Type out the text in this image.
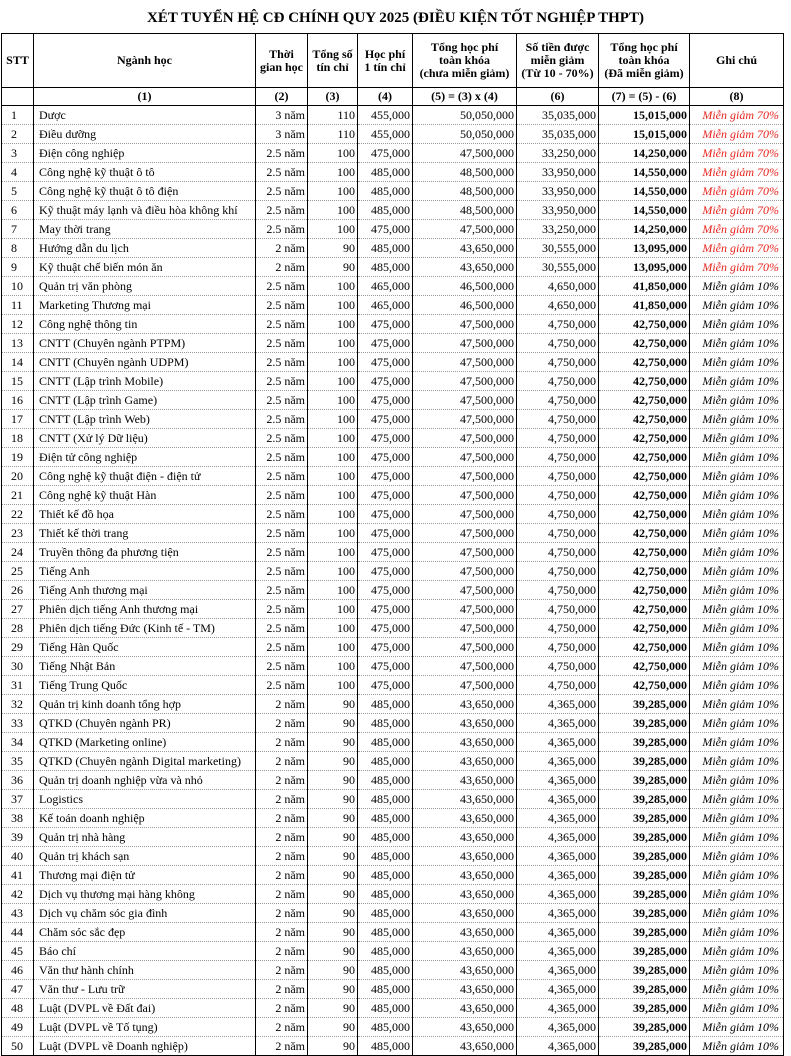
XÉT TUYỂN HỆ CĐ CHÍNH QUY 2025 (ĐIỀU KIỆN TỐT NGHIỆP THPT)
STT	Ngành học	Thời
gian học	Tổng số
tín chỉ	Học phí
1 tín chỉ	Tổng học phí
toàn khóa
(chưa miễn giảm)	Số tiền được
miễn giảm
(Từ 10 - 70%)	Tổng học phí
toàn khóa
(Đã miễn giảm)	Ghi chú
	(1)	(2)	(3)	(4)	(5) = (3) x (4)	(6)	(7) = (5) - (6)	(8)
1	Dược	3 năm	110	455,000	50,050,000	35,035,000	15,015,000	Miễn giảm 70%
2	Điều dưỡng	3 năm	110	455,000	50,050,000	35,035,000	15,015,000	Miễn giảm 70%
3	Điện công nghiệp	2.5 năm	100	475,000	47,500,000	33,250,000	14,250,000	Miễn giảm 70%
4	Công nghệ kỹ thuật ô tô	2.5 năm	100	485,000	48,500,000	33,950,000	14,550,000	Miễn giảm 70%
5	Công nghệ kỹ thuật ô tô điện	2.5 năm	100	485,000	48,500,000	33,950,000	14,550,000	Miễn giảm 70%
6	Kỹ thuật máy lạnh và điều hòa không khí	2.5 năm	100	485,000	48,500,000	33,950,000	14,550,000	Miễn giảm 70%
7	May thời trang	2.5 năm	100	475,000	47,500,000	33,250,000	14,250,000	Miễn giảm 70%
8	Hướng dẫn du lịch	2 năm	90	485,000	43,650,000	30,555,000	13,095,000	Miễn giảm 70%
9	Kỹ thuật chế biến món ăn	2 năm	90	485,000	43,650,000	30,555,000	13,095,000	Miễn giảm 70%
10	Quản trị văn phòng	2.5 năm	100	465,000	46,500,000	4,650,000	41,850,000	Miễn giảm 10%
11	Marketing Thương mại	2.5 năm	100	465,000	46,500,000	4,650,000	41,850,000	Miễn giảm 10%
12	Công nghệ thông tin	2.5 năm	100	475,000	47,500,000	4,750,000	42,750,000	Miễn giảm 10%
13	CNTT (Chuyên ngành PTPM)	2.5 năm	100	475,000	47,500,000	4,750,000	42,750,000	Miễn giảm 10%
14	CNTT (Chuyên ngành UDPM)	2.5 năm	100	475,000	47,500,000	4,750,000	42,750,000	Miễn giảm 10%
15	CNTT (Lập trình Mobile)	2.5 năm	100	475,000	47,500,000	4,750,000	42,750,000	Miễn giảm 10%
16	CNTT (Lập trình Game)	2.5 năm	100	475,000	47,500,000	4,750,000	42,750,000	Miễn giảm 10%
17	CNTT (Lập trình Web)	2.5 năm	100	475,000	47,500,000	4,750,000	42,750,000	Miễn giảm 10%
18	CNTT (Xử lý Dữ liệu)	2.5 năm	100	475,000	47,500,000	4,750,000	42,750,000	Miễn giảm 10%
19	Điện tử công nghiệp	2.5 năm	100	475,000	47,500,000	4,750,000	42,750,000	Miễn giảm 10%
20	Công nghệ kỹ thuật điện - điện tử	2.5 năm	100	475,000	47,500,000	4,750,000	42,750,000	Miễn giảm 10%
21	Công nghệ kỹ thuật Hàn	2.5 năm	100	475,000	47,500,000	4,750,000	42,750,000	Miễn giảm 10%
22	Thiết kế đồ họa	2.5 năm	100	475,000	47,500,000	4,750,000	42,750,000	Miễn giảm 10%
23	Thiết kế thời trang	2.5 năm	100	475,000	47,500,000	4,750,000	42,750,000	Miễn giảm 10%
24	Truyền thông đa phương tiện	2.5 năm	100	475,000	47,500,000	4,750,000	42,750,000	Miễn giảm 10%
25	Tiếng Anh	2.5 năm	100	475,000	47,500,000	4,750,000	42,750,000	Miễn giảm 10%
26	Tiếng Anh thương mại	2.5 năm	100	475,000	47,500,000	4,750,000	42,750,000	Miễn giảm 10%
27	Phiên dịch tiếng Anh thương mại	2.5 năm	100	475,000	47,500,000	4,750,000	42,750,000	Miễn giảm 10%
28	Phiên dịch tiếng Đức (Kinh tế - TM)	2.5 năm	100	475,000	47,500,000	4,750,000	42,750,000	Miễn giảm 10%
29	Tiếng Hàn Quốc	2.5 năm	100	475,000	47,500,000	4,750,000	42,750,000	Miễn giảm 10%
30	Tiếng Nhật Bản	2.5 năm	100	475,000	47,500,000	4,750,000	42,750,000	Miễn giảm 10%
31	Tiếng Trung Quốc	2.5 năm	100	475,000	47,500,000	4,750,000	42,750,000	Miễn giảm 10%
32	Quản trị kinh doanh tổng hợp	2 năm	90	485,000	43,650,000	4,365,000	39,285,000	Miễn giảm 10%
33	QTKD (Chuyên ngành PR)	2 năm	90	485,000	43,650,000	4,365,000	39,285,000	Miễn giảm 10%
34	QTKD (Marketing online)	2 năm	90	485,000	43,650,000	4,365,000	39,285,000	Miễn giảm 10%
35	QTKD (Chuyên ngành Digital marketing)	2 năm	90	485,000	43,650,000	4,365,000	39,285,000	Miễn giảm 10%
36	Quản trị doanh nghiệp vừa và nhỏ	2 năm	90	485,000	43,650,000	4,365,000	39,285,000	Miễn giảm 10%
37	Logistics	2 năm	90	485,000	43,650,000	4,365,000	39,285,000	Miễn giảm 10%
38	Kế toán doanh nghiệp	2 năm	90	485,000	43,650,000	4,365,000	39,285,000	Miễn giảm 10%
39	Quản trị nhà hàng	2 năm	90	485,000	43,650,000	4,365,000	39,285,000	Miễn giảm 10%
40	Quản trị khách sạn	2 năm	90	485,000	43,650,000	4,365,000	39,285,000	Miễn giảm 10%
41	Thương mại điện tử	2 năm	90	485,000	43,650,000	4,365,000	39,285,000	Miễn giảm 10%
42	Dịch vụ thương mại hàng không	2 năm	90	485,000	43,650,000	4,365,000	39,285,000	Miễn giảm 10%
43	Dịch vụ chăm sóc gia đình	2 năm	90	485,000	43,650,000	4,365,000	39,285,000	Miễn giảm 10%
44	Chăm sóc sắc đẹp	2 năm	90	485,000	43,650,000	4,365,000	39,285,000	Miễn giảm 10%
45	Báo chí	2 năm	90	485,000	43,650,000	4,365,000	39,285,000	Miễn giảm 10%
46	Văn thư hành chính	2 năm	90	485,000	43,650,000	4,365,000	39,285,000	Miễn giảm 10%
47	Văn thư - Lưu trữ	2 năm	90	485,000	43,650,000	4,365,000	39,285,000	Miễn giảm 10%
48	Luật (DVPL về Đất đai)	2 năm	90	485,000	43,650,000	4,365,000	39,285,000	Miễn giảm 10%
49	Luật (DVPL về Tố tụng)	2 năm	90	485,000	43,650,000	4,365,000	39,285,000	Miễn giảm 10%
50	Luật (DVPL về Doanh nghiệp)	2 năm	90	485,000	43,650,000	4,365,000	39,285,000	Miễn giảm 10%
